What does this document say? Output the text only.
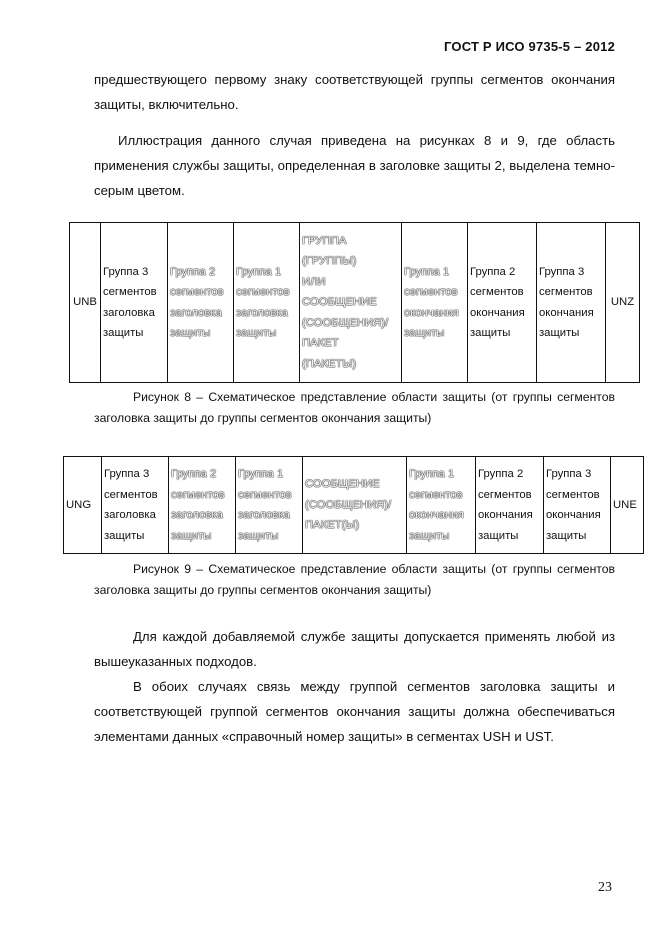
ГОСТ Р ИСО 9735-5 – 2012
предшествующего первому знаку соответствующей группы сегментов окончания защиты, включительно.
Иллюстрация данного случая приведена на рисунках 8 и 9, где область применения службы защиты, определенная в заголовке защиты 2, выделена темно-серым цветом.
UNB

Группа 3
сегментов
заголовка
защиты

Группа 2
сегментов
заголовка
защиты

Группа 1
сегментов
заголовка
защиты

ГРУППА
(ГРУППЫ)
ИЛИ
СООБЩЕНИЕ
(СООБЩЕНИЯ)/
ПАКЕТ
(ПАКЕТЫ)

Группа 1
сегментов
окончания
защиты

Группа 2
сегментов
окончания
защиты

Группа 3
сегментов
окончания
защиты

UNZ
Рисунок 8 – Схематическое представление области защиты (от группы сегментов заголовка защиты до группы сегментов окончания защиты)
UNG

Группа 3
сегментов
заголовка
защиты

Группа 2
сегментов
заголовка
защиты

Группа 1
сегментов
заголовка
защиты

СООБЩЕНИЕ
(СООБЩЕНИЯ)/
ПАКЕТ(Ы)

Группа 1
сегментов
окончания
защиты

Группа 2
сегментов
окончания
защиты

Группа 3
сегментов
окончания
защиты

UNE
Рисунок 9 – Схематическое представление области защиты (от группы сегментов заголовка защиты до группы сегментов окончания защиты)
Для каждой добавляемой службе защиты допускается применять любой из вышеуказанных подходов.
В обоих случаях связь между группой сегментов заголовка защиты и соответствующей группой сегментов окончания защиты должна обеспечиваться элементами данных «справочный номер защиты» в сегментах USH и UST.
23
